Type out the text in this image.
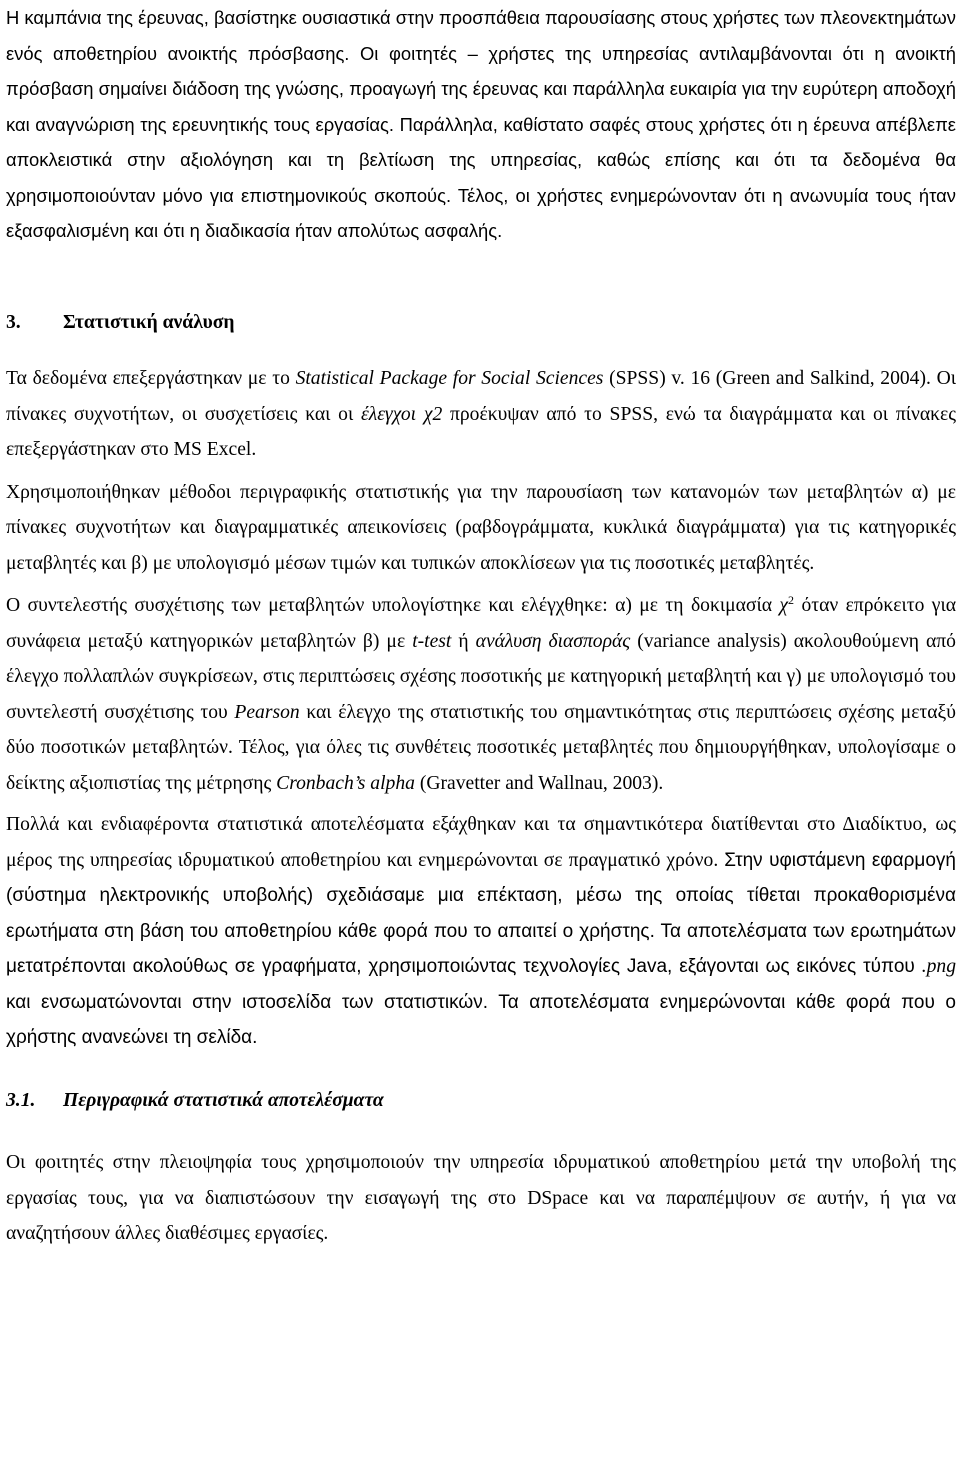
Η καμπάνια της έρευνας, βασίστηκε ουσιαστικά στην προσπάθεια παρουσίασης στους χρήστες των πλεονεκτημάτων ενός αποθετηρίου ανοικτής πρόσβασης. Οι φοιτητές – χρήστες της υπηρεσίας αντιλαμβάνονται ότι η ανοικτή πρόσβαση σημαίνει διάδοση της γνώσης, προαγωγή της έρευνας και παράλληλα ευκαιρία για την ευρύτερη αποδοχή και αναγνώριση της ερευνητικής τους εργασίας. Παράλληλα, καθίστατο σαφές στους χρήστες ότι η έρευνα απέβλεπε αποκλειστικά στην αξιολόγηση και τη βελτίωση της υπηρεσίας, καθώς επίσης και ότι τα δεδομένα θα χρησιμοποιούνταν μόνο για επιστημονικούς σκοπούς. Τέλος, οι χρήστες ενημερώνονταν ότι η ανωνυμία τους ήταν εξασφαλισμένη και ότι η διαδικασία ήταν απολύτως ασφαλής.

3. Στατιστική ανάλυση

Τα δεδομένα επεξεργάστηκαν με το Statistical Package for Social Sciences (SPSS) v. 16 (Green and Salkind, 2004). Οι πίνακες συχνοτήτων, οι συσχετίσεις και οι έλεγχοι χ2 προέκυψαν από το SPSS, ενώ τα διαγράμματα και οι πίνακες επεξεργάστηκαν στο MS Excel.

Χρησιμοποιήθηκαν μέθοδοι περιγραφικής στατιστικής για την παρουσίαση των κατανομών των μεταβλητών α) με πίνακες συχνοτήτων και διαγραμματικές απεικονίσεις (ραβδογράμματα, κυκλικά διαγράμματα) για τις κατηγορικές μεταβλητές και β) με υπολογισμό μέσων τιμών και τυπικών αποκλίσεων για τις ποσοτικές μεταβλητές.

Ο συντελεστής συσχέτισης των μεταβλητών υπολογίστηκε και ελέγχθηκε: α) με τη δοκιμασία $\chi^2$ όταν επρόκειτο για συνάφεια μεταξύ κατηγορικών μεταβλητών β) με t-test ή ανάλυση διασποράς (variance analysis) ακολουθούμενη από έλεγχο πολλαπλών συγκρίσεων, στις περιπτώσεις σχέσης ποσοτικής με κατηγορική μεταβλητή και γ) με υπολογισμό του συντελεστή συσχέτισης του Pearson και έλεγχο της στατιστικής του σημαντικότητας στις περιπτώσεις σχέσης μεταξύ δύο ποσοτικών μεταβλητών. Τέλος, για όλες τις συνθέτεις ποσοτικές μεταβλητές που δημιουργήθηκαν, υπολογίσαμε ο δείκτης αξιοπιστίας της μέτρησης Cronbach’s alpha (Gravetter and Wallnau, 2003).

Πολλά και ενδιαφέροντα στατιστικά αποτελέσματα εξάχθηκαν και τα σημαντικότερα διατίθενται στο Διαδίκτυο, ως μέρος της υπηρεσίας ιδρυματικού αποθετηρίου και ενημερώνονται σε πραγματικό χρόνο. Στην υφιστάμενη εφαρμογή (σύστημα ηλεκτρονικής υποβολής) σχεδιάσαμε μια επέκταση, μέσω της οποίας τίθεται προκαθορισμένα ερωτήματα στη βάση του αποθετηρίου κάθε φορά που το απαιτεί ο χρήστης. Τα αποτελέσματα των ερωτημάτων μετατρέπονται ακολούθως σε γραφήματα, χρησιμοποιώντας τεχνολογίες Java, εξάγονται ως εικόνες τύπου .png και ενσωματώνονται στην ιστοσελίδα των στατιστικών. Τα αποτελέσματα ενημερώνονται κάθε φορά που ο χρήστης ανανεώνει τη σελίδα.

3.1. Περιγραφικά στατιστικά αποτελέσματα

Οι φοιτητές στην πλειοψηφία τους χρησιμοποιούν την υπηρεσία ιδρυματικού αποθετηρίου μετά την υποβολή της εργασίας τους, για να διαπιστώσουν την εισαγωγή της στο DSpace και να παραπέμψουν σε αυτήν, ή για να αναζητήσουν άλλες διαθέσιμες εργασίες.
